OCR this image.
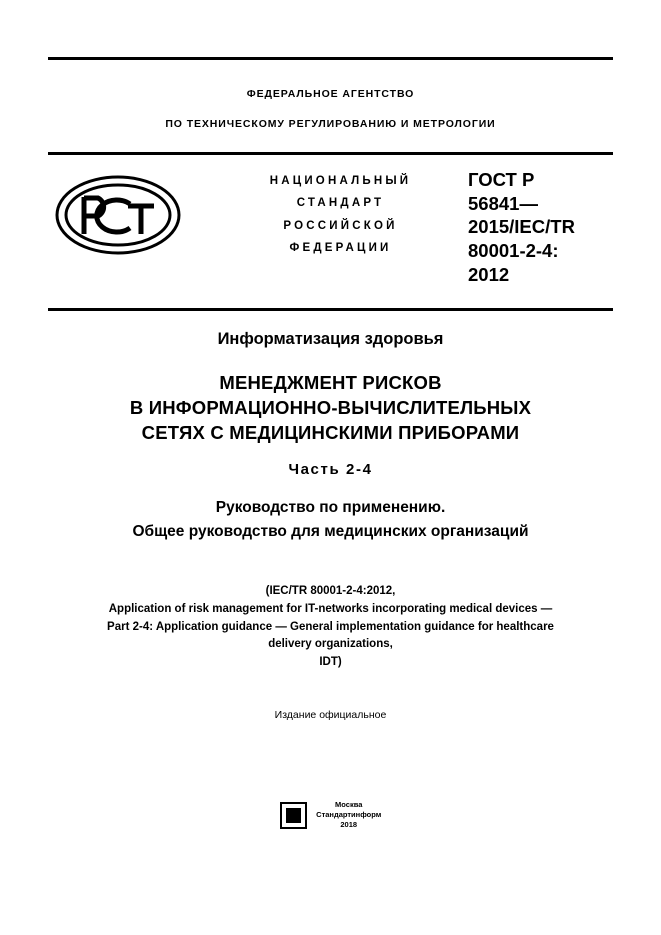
ФЕДЕРАЛЬНОЕ АГЕНТСТВО
ПО ТЕХНИЧЕСКОМУ РЕГУЛИРОВАНИЮ И МЕТРОЛОГИИ
НАЦИОНАЛЬНЫЙ
СТАНДАРТ
РОССИЙСКОЙ
ФЕДЕРАЦИИ
ГОСТ Р
56841—
2015/IEC/TR
80001-2-4:
2012
Информатизация здоровья
МЕНЕДЖМЕНТ РИСКОВ
В ИНФОРМАЦИОННО-ВЫЧИСЛИТЕЛЬНЫХ
СЕТЯХ С МЕДИЦИНСКИМИ ПРИБОРАМИ
Часть 2-4
Руководство по применению.
Общее руководство для медицинских организаций
(IEC/TR 80001-2-4:2012,
Application of risk management for IT-networks incorporating medical devices —
Part 2-4: Application guidance — General implementation guidance for healthcare
delivery organizations,
IDT)
Издание официальное

Москва
Стандартинформ
2018
